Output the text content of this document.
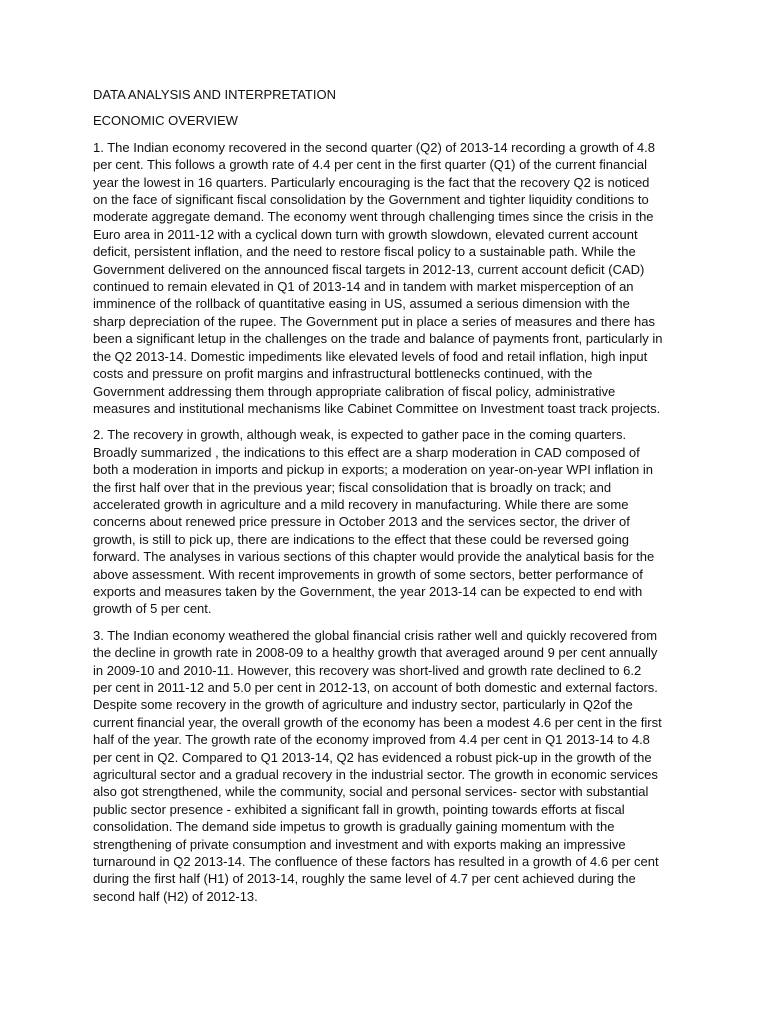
DATA ANALYSIS AND INTERPRETATION

ECONOMIC OVERVIEW

1. The Indian economy recovered in the second quarter (Q2) of 2013-14 recording a growth of 4.8 per cent. This follows a growth rate of 4.4 per cent in the first quarter (Q1) of the current financial year the lowest in 16 quarters. Particularly encouraging is the fact that the recovery Q2 is noticed on the face of significant fiscal consolidation by the Government and tighter liquidity conditions to moderate aggregate demand. The economy went through challenging times since the crisis in the Euro area in 2011-12 with a cyclical down turn with growth slowdown, elevated current account deficit, persistent inflation, and the need to restore fiscal policy to a sustainable path. While the Government delivered on the announced fiscal targets in 2012-13, current account deficit (CAD) continued to remain elevated in Q1 of 2013-14 and in tandem with market misperception of an imminence of the rollback of quantitative easing in US, assumed a serious dimension with the sharp depreciation of the rupee. The Government put in place a series of measures and there has been a significant letup in the challenges on the trade and balance of payments front, particularly in the Q2 2013-14. Domestic impediments like elevated levels of food and retail inflation, high input costs and pressure on profit margins and infrastructural bottlenecks continued, with the Government addressing them through appropriate calibration of fiscal policy, administrative measures and institutional mechanisms like Cabinet Committee on Investment toast track projects.

2. The recovery in growth, although weak, is expected to gather pace in the coming quarters. Broadly summarized , the indications to this effect are a sharp moderation in CAD composed of both a moderation in imports and pickup in exports; a moderation on year-on-year WPI inflation in the first half over that in the previous year; fiscal consolidation that is broadly on track; and accelerated growth in agriculture and a mild recovery in manufacturing. While there are some concerns about renewed price pressure in October 2013 and the services sector, the driver of growth, is still to pick up, there are indications to the effect that these could be reversed going forward. The analyses in various sections of this chapter would provide the analytical basis for the above assessment. With recent improvements in growth of some sectors, better performance of exports and measures taken by the Government, the year 2013-14 can be expected to end with growth of 5 per cent.

3. The Indian economy weathered the global financial crisis rather well and quickly recovered from the decline in growth rate in 2008-09 to a healthy growth that averaged around 9 per cent annually in 2009-10 and 2010-11. However, this recovery was short-lived and growth rate declined to 6.2 per cent in 2011-12 and 5.0 per cent in 2012-13, on account of both domestic and external factors. Despite some recovery in the growth of agriculture and industry sector, particularly in Q2of the current financial year, the overall growth of the economy has been a modest 4.6 per cent in the first half of the year. The growth rate of the economy improved from 4.4 per cent in Q1 2013-14 to 4.8 per cent in Q2. Compared to Q1 2013-14, Q2 has evidenced a robust pick-up in the growth of the agricultural sector and a gradual recovery in the industrial sector. The growth in economic services also got strengthened, while the community, social and personal services- sector with substantial public sector presence - exhibited a significant fall in growth, pointing towards efforts at fiscal consolidation. The demand side impetus to growth is gradually gaining momentum with the strengthening of private consumption and investment and with exports making an impressive turnaround in Q2 2013-14. The confluence of these factors has resulted in a growth of 4.6 per cent during the first half (H1) of 2013-14, roughly the same level of 4.7 per cent achieved during the second half (H2) of 2012-13.
